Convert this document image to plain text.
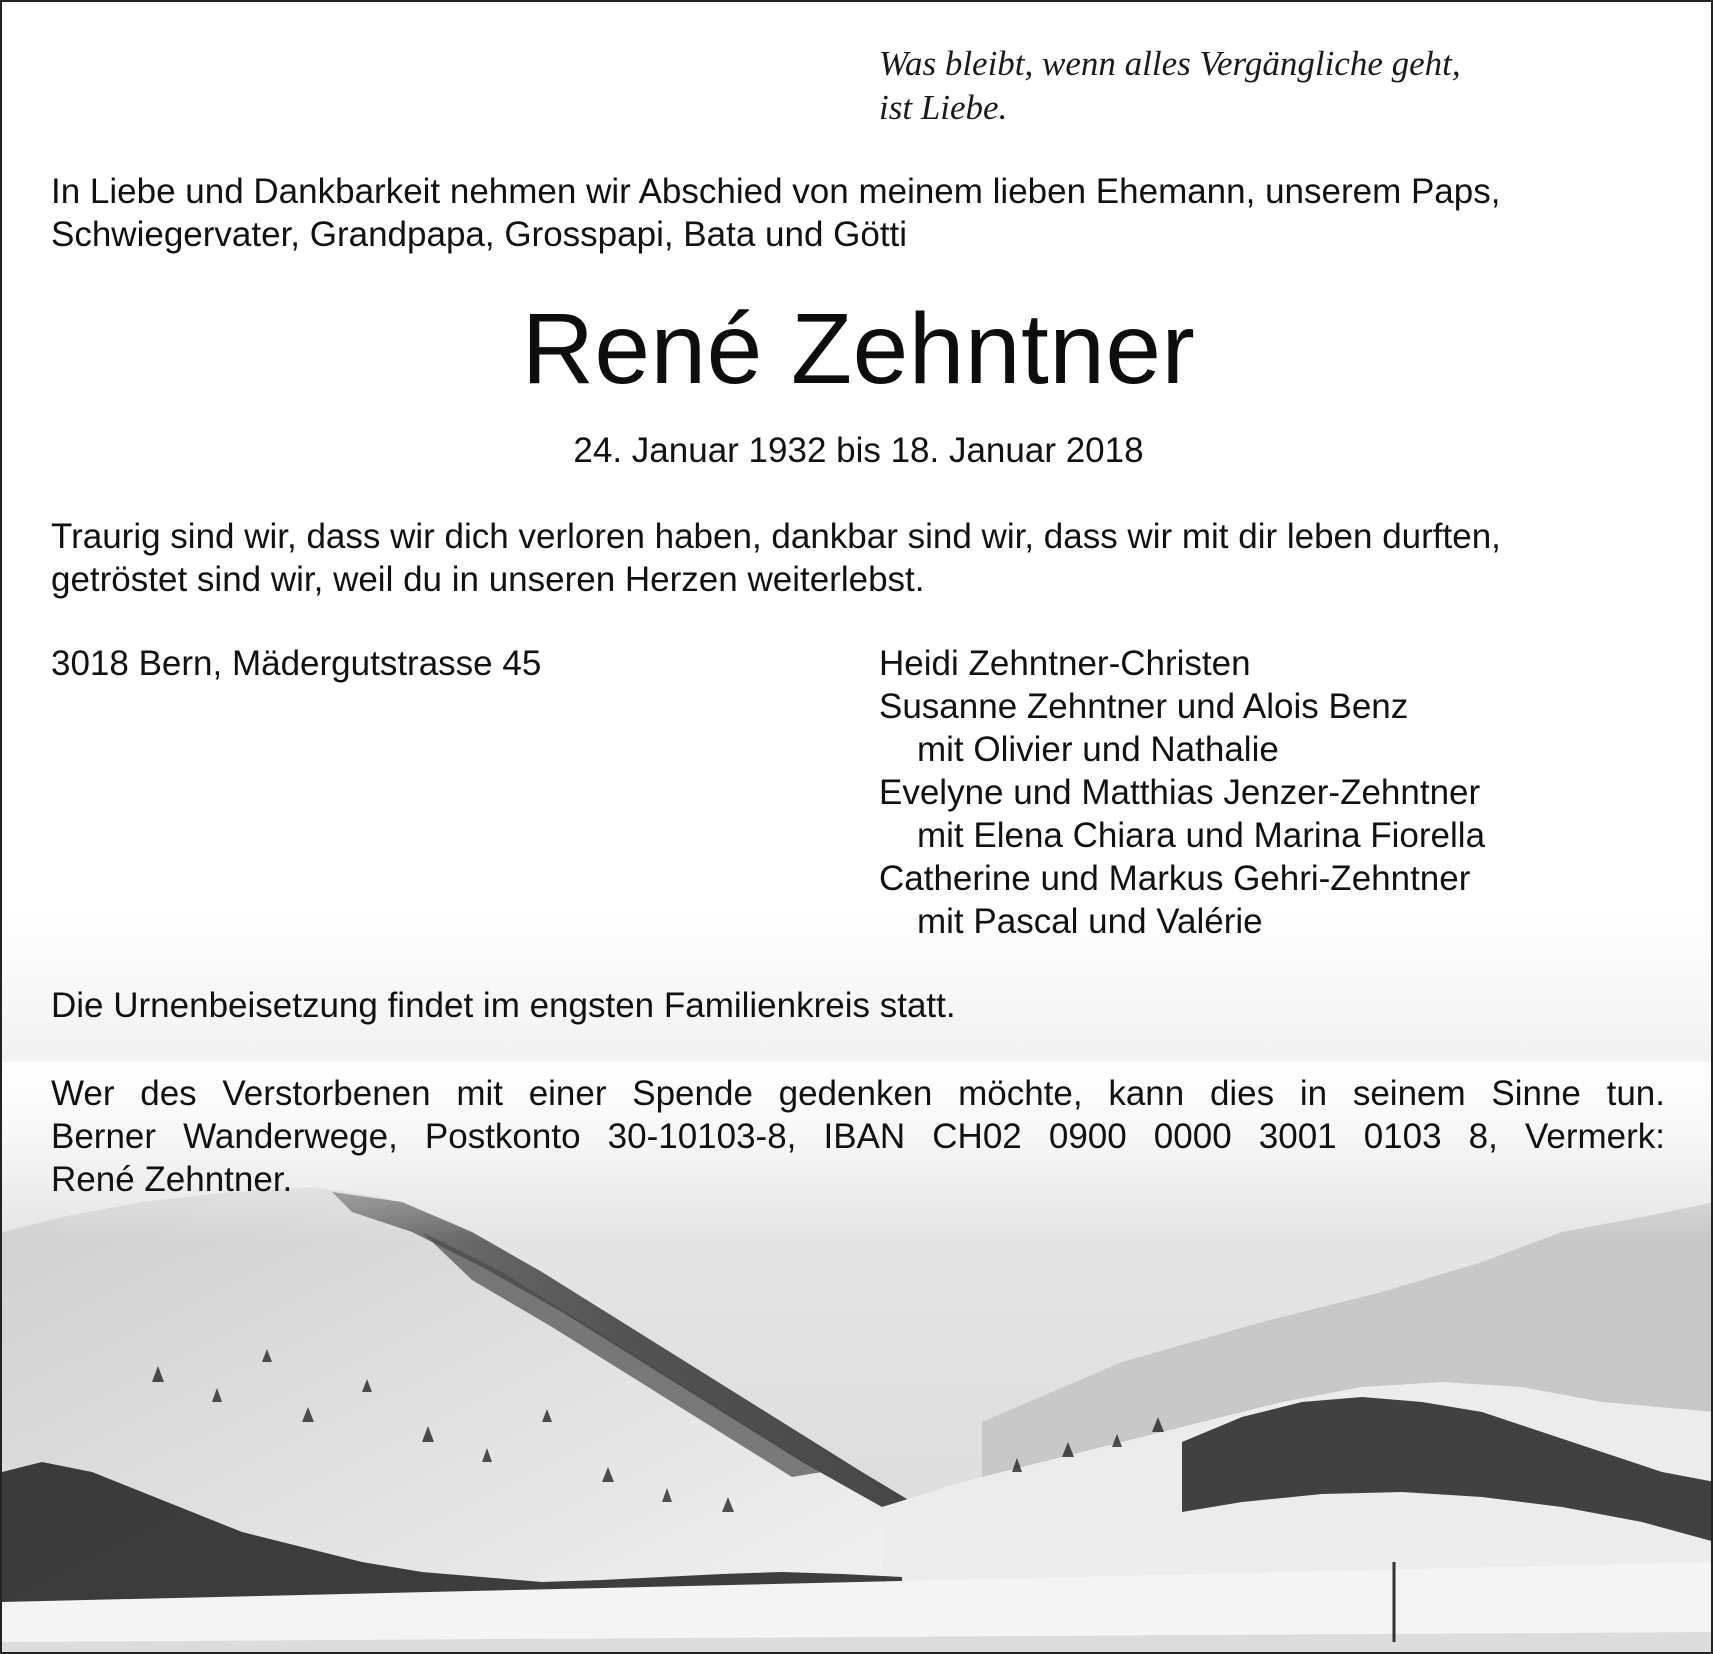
Was bleibt, wenn alles Vergängliche geht,
ist Liebe.
In Liebe und Dankbarkeit nehmen wir Abschied von meinem lieben Ehemann, unserem Paps,
Schwiegervater, Grandpapa, Grosspapi, Bata und Götti
René Zehntner
24. Januar 1932 bis 18. Januar 2018
Traurig sind wir, dass wir dich verloren haben, dankbar sind wir, dass wir mit dir leben durften,
getröstet sind wir, weil du in unseren Herzen weiterlebst.
3018 Bern, Mädergutstrasse 45	Heidi Zehntner-Christen
Susanne Zehntner und Alois Benz
mit Olivier und Nathalie
Evelyne und Matthias Jenzer-Zehntner
mit Elena Chiara und Marina Fiorella
Catherine und Markus Gehri-Zehntner
mit Pascal und Valérie
Die Urnenbeisetzung findet im engsten Familienkreis statt.
Wer des Verstorbenen mit einer Spende gedenken möchte, kann dies in seinem Sinne tun.
Berner Wanderwege, Postkonto 30-10103-8, IBAN CH02 0900 0000 3001 0103 8, Vermerk:
René Zehntner.
